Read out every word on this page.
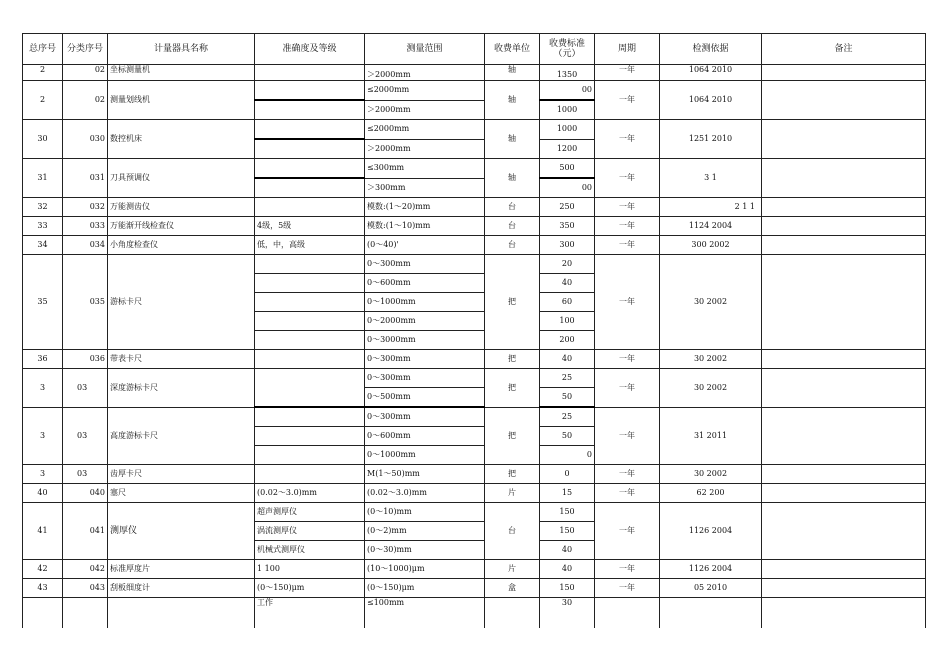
总序号	分类序号	计量器具名称	准确度及等级	测量范围	收费单位	收费标准（元）	周期	检测依据	备注
2	02	坐标测量机		＞2000mm	轴	1350	一年	1064 2010	
2	02	测量划线机		≤2000mm	轴	00	一年	1064 2010	
				＞2000mm		1000			
30	030	数控机床		≤2000mm	轴	1000	一年	1251 2010	
				＞2000mm		1200			
31	031	刀具预调仪		≤300mm	轴	500	一年	3 1	
				＞300mm		00			
32	032	万能测齿仪		模数:(1～20)mm	台	250	一年	2 1 1	
33	033	万能渐开线检查仪	4级，5级	模数:(1～10)mm	台	350	一年	1124 2004	
34	034	小角度检查仪	低，中，高级	(0～40)'	台	300	一年	300 2002	
35	035	游标卡尺		0～300mm	把	20	一年	30 2002	
				0～600mm		40			
				0～1000mm		60			
				0～2000mm		100			
				0～3000mm		200			
36	036	带表卡尺		0～300mm	把	40	一年	30 2002	
3	03	深度游标卡尺		0～300mm	把	25	一年	30 2002	
				0～500mm		50			
3	03	高度游标卡尺		0～300mm	把	25	一年	31 2011	
				0～600mm		50			
				0～1000mm		0			
3	03	齿厚卡尺		M(1～50)mm	把	0	一年	30 2002	
40	040	塞尺	(0.02～3.0)mm	(0.02～3.0)mm	片	15	一年	62 200	
41	041	测厚仪	超声测厚仪	(0～10)mm	台	150	一年	1126 2004	
			涡流测厚仪	(0～2)mm		150			
			机械式测厚仪	(0～30)mm		40			
42	042	标准厚度片	1 100	(10～1000)μm	片	40	一年	1126 2004	
43	043	刮板细度计	(0～150)μm	(0～150)μm	盒	150	一年	05 2010	
			工作	≤100mm		30			
